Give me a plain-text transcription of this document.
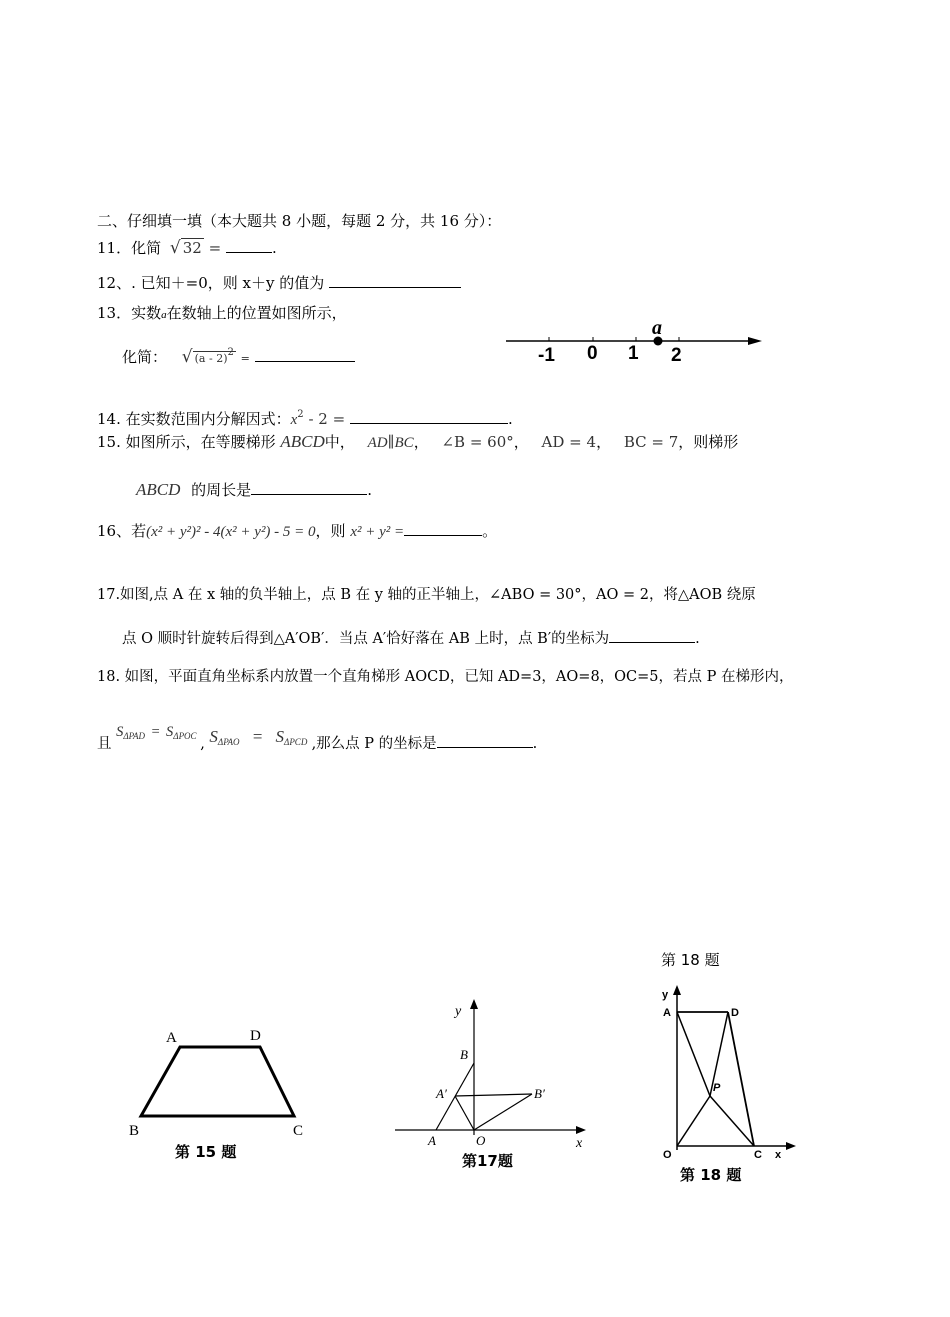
二、仔细填一填（本大题共 8 小题，每题 2 分，共 16 分）：
11．化简 √ 32 =	.
12、. 已知＋=0，则 x＋y 的值为
13．实数a在数轴上的位置如图所示，
化简： √ (a - 2)2 =
a
-1 0 1 2
14. 在实数范围内分解因式：$x^2 - 2$ =	.
15. 如图所示，在等腰梯形 ABCD中， AD∥BC， ∠B = 60°， AD = 4， BC = 7，则梯形
ABCD 的周长是	.
16、若(x² + y²)² - 4(x² + y²) - 5 = 0，则 x² + y² =	。
17.如图,点 A 在 x 轴的负半轴上，点 B 在 y 轴的正半轴上，∠ABO = 30°，AO = 2，将△AOB 绕原
点 O 顺时针旋转后得到△A′OB′．当点 A′恰好落在 AB 上时，点 B′的坐标为	.
18. 如图，平面直角坐标系内放置一个直角梯形 AOCD，已知 AD=3，AO=8，OC=5，若点 P 在梯形内，
且 $S_{\Delta PAD} = S_{\Delta POC}$ , $S_{\Delta PAO} = S_{\Delta PCD}$ ,那么点 P 的坐标是	.
A	D
B	C
第 15 题
y
x
B
A′	B′
A	O
第17题
第 18 题
y
A	D
P
O	C x
第 18 题
